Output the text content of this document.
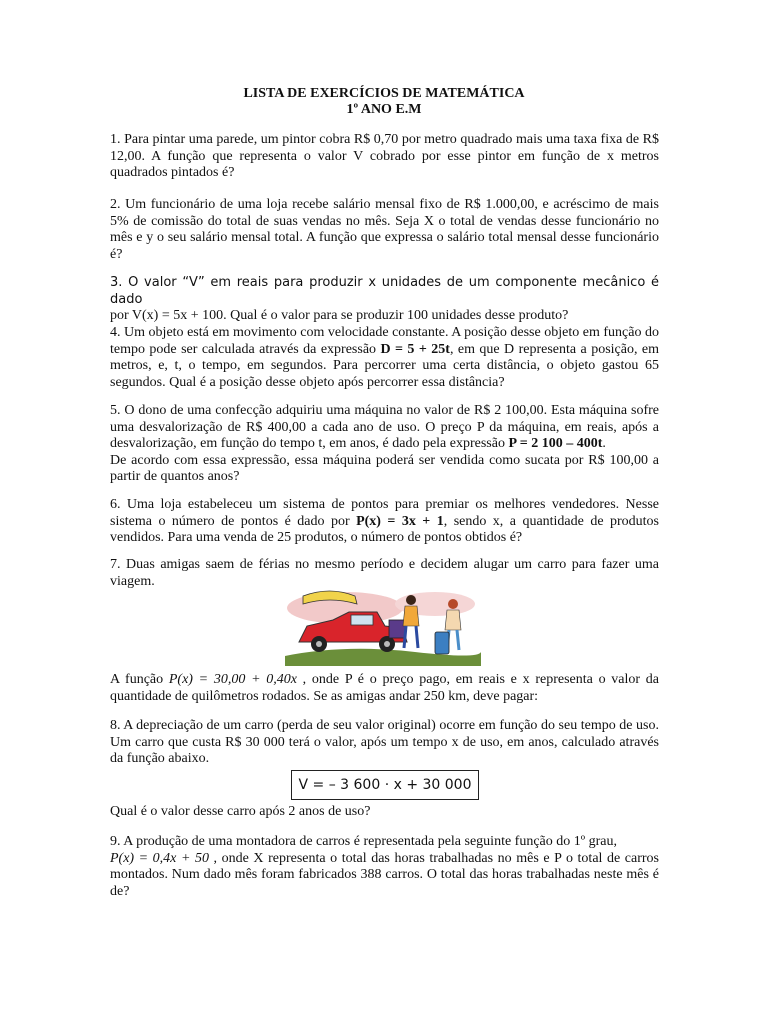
LISTA DE EXERCÍCIOS DE MATEMÁTICA
1º ANO E.M

1. Para pintar uma parede, um pintor cobra R$ 0,70 por metro quadrado mais uma taxa fixa de R$ 12,00. A função que representa o valor V cobrado por esse pintor em função de x metros quadrados pintados é?

2. Um funcionário de uma loja recebe salário mensal fixo de R$ 1.000,00, e acréscimo de mais 5% de comissão do total de suas vendas no mês. Seja X o total de vendas desse funcionário no mês e y o seu salário mensal total. A função que expressa o salário total mensal desse funcionário é?

3. O valor “V” em reais para produzir x unidades de um componente mecânico é dado
por V(x) = 5x + 100. Qual é o valor para se produzir 100 unidades desse produto?

4. Um objeto está em movimento com velocidade constante. A posição desse objeto em função do tempo pode ser calculada através da expressão D = 5 + 25t, em que D representa a posição, em metros, e, t, o tempo, em segundos. Para percorrer uma certa distância, o objeto gastou 65 segundos. Qual é a posição desse objeto após percorrer essa distância?

5. O dono de uma confecção adquiriu uma máquina no valor de R$ 2 100,00. Esta máquina sofre uma desvalorização de R$ 400,00 a cada ano de uso. O preço P da máquina, em reais, após a desvalorização, em função do tempo t, em anos, é dado pela expressão P = 2 100 – 400t.
De acordo com essa expressão, essa máquina poderá ser vendida como sucata por R$ 100,00 a partir de quantos anos?

6. Uma loja estabeleceu um sistema de pontos para premiar os melhores vendedores. Nesse sistema o número de pontos é dado por P(x) = 3x + 1, sendo x, a quantidade de produtos vendidos. Para uma venda de 25 produtos, o número de pontos obtidos é?

7. Duas amigas saem de férias no mesmo período e decidem alugar um carro para fazer uma viagem.

A função P(x) = 30,00 + 0,40x , onde P é o preço pago, em reais e x representa o valor da quantidade de quilômetros rodados. Se as amigas andar 250 km, deve pagar:

8. A depreciação de um carro (perda de seu valor original) ocorre em função do seu tempo de uso. Um carro que custa R$ 30 000 terá o valor, após um tempo x de uso, em anos, calculado através da função abaixo.

V = – 3 600 · x + 30 000

Qual é o valor desse carro após 2 anos de uso?

9. A produção de uma montadora de carros é representada pela seguinte função do 1º grau,
P(x) = 0,4x + 50 , onde X representa o total das horas trabalhadas no mês e P o total de carros montados. Num dado mês foram fabricados 388 carros. O total das horas trabalhadas neste mês é de?
